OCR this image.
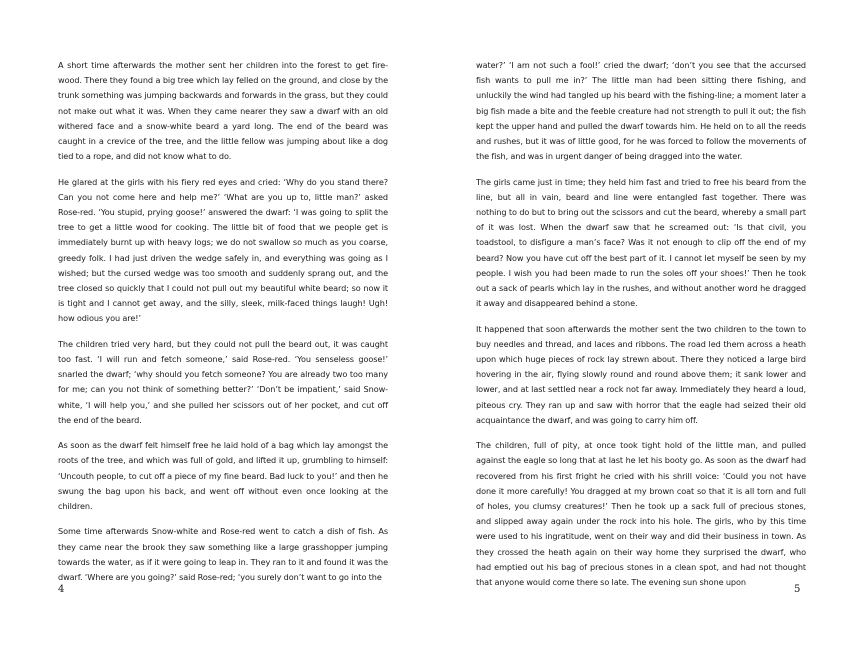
A short time afterwards the mother sent her children into the forest to get fire-wood. There they found a big tree which lay felled on the ground, and close by the trunk something was jumping backwards and forwards in the grass, but they could not make out what it was. When they came nearer they saw a dwarf with an old withered face and a snow-white beard a yard long. The end of the beard was caught in a crevice of the tree, and the little fellow was jumping about like a dog tied to a rope, and did not know what to do.

He glared at the girls with his fiery red eyes and cried: ‘Why do you stand there? Can you not come here and help me?’ ‘What are you up to, little man?’ asked Rose-red. ‘You stupid, prying goose!’ answered the dwarf: ‘I was going to split the tree to get a little wood for cooking. The little bit of food that we people get is immediately burnt up with heavy logs; we do not swallow so much as you coarse, greedy folk. I had just driven the wedge safely in, and everything was going as I wished; but the cursed wedge was too smooth and suddenly sprang out, and the tree closed so quickly that I could not pull out my beautiful white beard; so now it is tight and I cannot get away, and the silly, sleek, milk-faced things laugh! Ugh! how odious you are!’

The children tried very hard, but they could not pull the beard out, it was caught too fast. ‘I will run and fetch someone,’ said Rose-red. ‘You senseless goose!’ snarled the dwarf; ‘why should you fetch someone? You are already two too many for me; can you not think of something better?’ ‘Don’t be impatient,’ said Snow-white, ‘I will help you,’ and she pulled her scissors out of her pocket, and cut off the end of the beard.

As soon as the dwarf felt himself free he laid hold of a bag which lay amongst the roots of the tree, and which was full of gold, and lifted it up, grumbling to himself: ‘Uncouth people, to cut off a piece of my fine beard. Bad luck to you!’ and then he swung the bag upon his back, and went off without even once looking at the children.

Some time afterwards Snow-white and Rose-red went to catch a dish of fish. As they came near the brook they saw something like a large grasshopper jumping towards the water, as if it were going to leap in. They ran to it and found it was the dwarf. ‘Where are you going?’ said Rose-red; ‘you surely don’t want to go into the

4

water?’ ‘I am not such a fool!’ cried the dwarf; ‘don’t you see that the accursed fish wants to pull me in?’ The little man had been sitting there fishing, and unluckily the wind had tangled up his beard with the fishing-line; a moment later a big fish made a bite and the feeble creature had not strength to pull it out; the fish kept the upper hand and pulled the dwarf towards him. He held on to all the reeds and rushes, but it was of little good, for he was forced to follow the movements of the fish, and was in urgent danger of being dragged into the water.

The girls came just in time; they held him fast and tried to free his beard from the line, but all in vain, beard and line were entangled fast together. There was nothing to do but to bring out the scissors and cut the beard, whereby a small part of it was lost. When the dwarf saw that he screamed out: ‘Is that civil, you toadstool, to disfigure a man’s face? Was it not enough to clip off the end of my beard? Now you have cut off the best part of it. I cannot let myself be seen by my people. I wish you had been made to run the soles off your shoes!’ Then he took out a sack of pearls which lay in the rushes, and without another word he dragged it away and disappeared behind a stone.

It happened that soon afterwards the mother sent the two children to the town to buy needles and thread, and laces and ribbons. The road led them across a heath upon which huge pieces of rock lay strewn about. There they noticed a large bird hovering in the air, flying slowly round and round above them; it sank lower and lower, and at last settled near a rock not far away. Immediately they heard a loud, piteous cry. They ran up and saw with horror that the eagle had seized their old acquaintance the dwarf, and was going to carry him off.

The children, full of pity, at once took tight hold of the little man, and pulled against the eagle so long that at last he let his booty go. As soon as the dwarf had recovered from his first fright he cried with his shrill voice: ‘Could you not have done it more carefully! You dragged at my brown coat so that it is all torn and full of holes, you clumsy creatures!’ Then he took up a sack full of precious stones, and slipped away again under the rock into his hole. The girls, who by this time were used to his ingratitude, went on their way and did their business in town. As they crossed the heath again on their way home they surprised the dwarf, who had emptied out his bag of precious stones in a clean spot, and had not thought that anyone would come there so late. The evening sun shone upon

5
